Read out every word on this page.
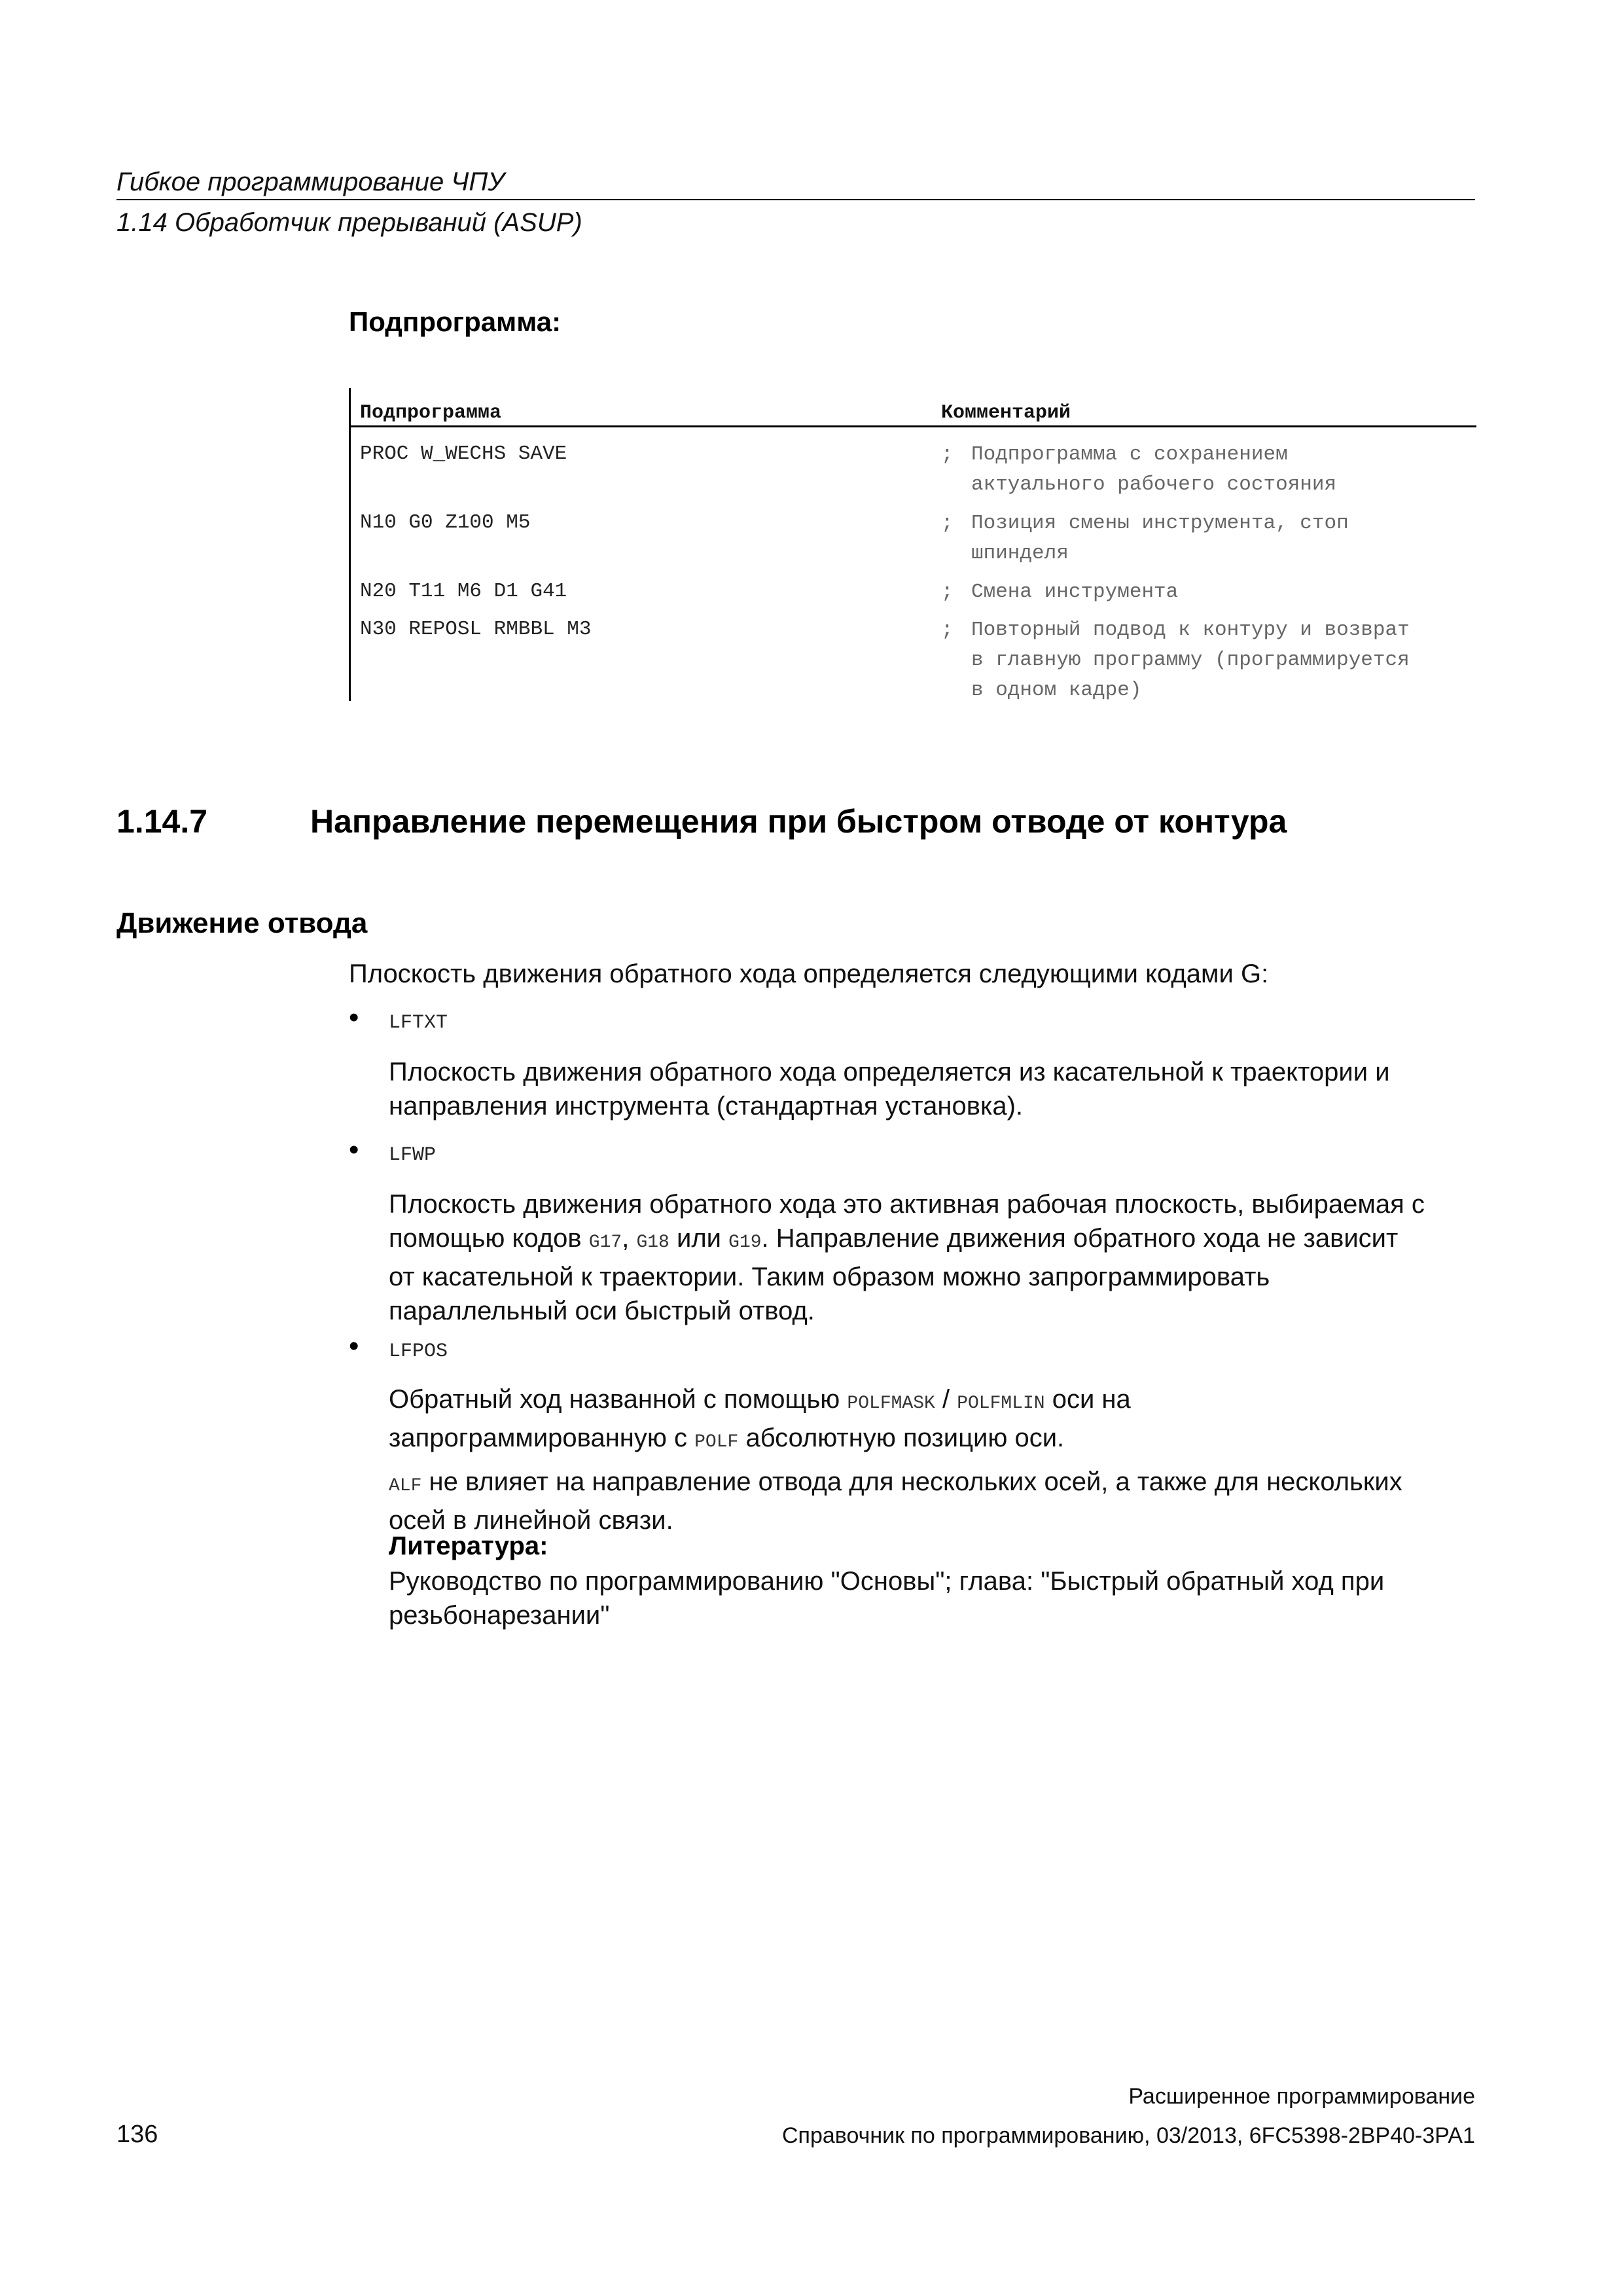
Гибкое программирование ЧПУ
1.14 Обработчик прерываний (ASUP)
Подпрограмма:
Подпрограмма	Комментарий
PROC W_WECHS SAVE	; Подпрограмма с сохранением
актуального рабочего состояния
N10 G0 Z100 M5	; Позиция смены инструмента, стоп
шпинделя
N20 T11 M6 D1 G41	; Смена инструмента
N30 REPOSL RMBBL M3	; Повторный подвод к контуру и возврат
в главную программу (программируется
в одном кадре)
1.14.7	Направление перемещения при быстром отводе от контура
Движение отвода
Плоскость движения обратного хода определяется следующими кодами G:
• LFTXT
Плоскость движения обратного хода определяется из касательной к траектории и
направления инструмента (стандартная установка).
• LFWP
Плоскость движения обратного хода это активная рабочая плоскость, выбираемая с
помощью кодов G17, G18 или G19. Направление движения обратного хода не зависит
от касательной к траектории. Таким образом можно запрограммировать
параллельный оси быстрый отвод.
• LFPOS
Обратный ход названной с помощью POLFMASK / POLFMLIN оси на
запрограммированную с POLF абсолютную позицию оси.
ALF не влияет на направление отвода для нескольких осей, а также для нескольких
осей в линейной связи.
Литература:
Руководство по программированию "Основы"; глава: "Быстрый обратный ход при
резьбонарезании"
Расширенное программирование
136	Справочник по программированию, 03/2013, 6FC5398-2BP40-3PA1
